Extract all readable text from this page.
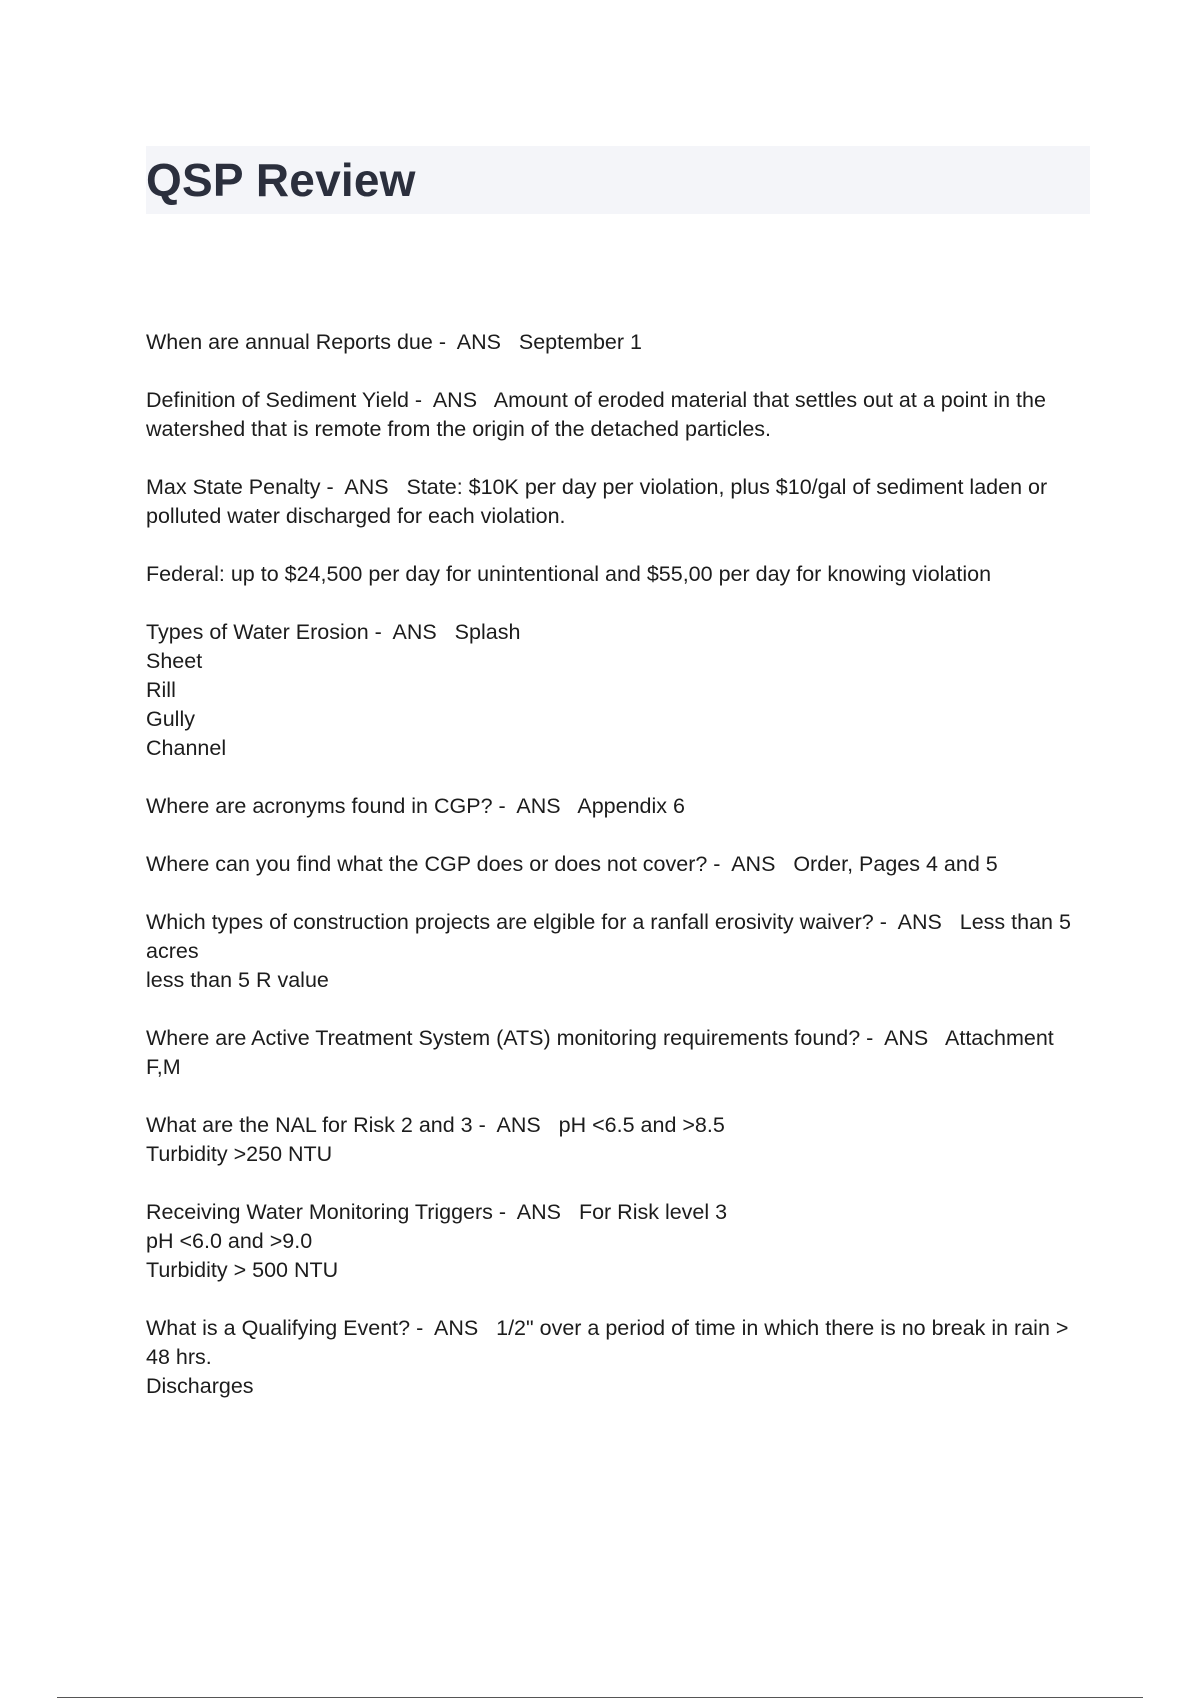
QSP Review
When are annual Reports due -  ANS   September 1
Definition of Sediment Yield -  ANS   Amount of eroded material that settles out at a point in the watershed that is remote from the origin of the detached particles.
Max State Penalty -  ANS   State: $10K per day per violation, plus $10/gal of sediment laden or polluted water discharged for each violation.
Federal: up to $24,500 per day for unintentional and $55,00 per day for knowing violation
Types of Water Erosion -  ANS   Splash
Sheet
Rill
Gully
Channel
Where are acronyms found in CGP? -  ANS   Appendix 6
Where can you find what the CGP does or does not cover? -  ANS   Order, Pages 4 and 5
Which types of construction projects are elgible for a ranfall erosivity waiver? -  ANS   Less than 5 acres
less than 5 R value
Where are Active Treatment System (ATS) monitoring requirements found? -  ANS   Attachment F,M
What are the NAL for Risk 2 and 3 -  ANS   pH <6.5 and >8.5
Turbidity >250 NTU
Receiving Water Monitoring Triggers -  ANS   For Risk level 3
pH <6.0 and >9.0
Turbidity > 500 NTU
What is a Qualifying Event? -  ANS   1/2" over a period of time in which there is no break in rain > 48 hrs.
Discharges
